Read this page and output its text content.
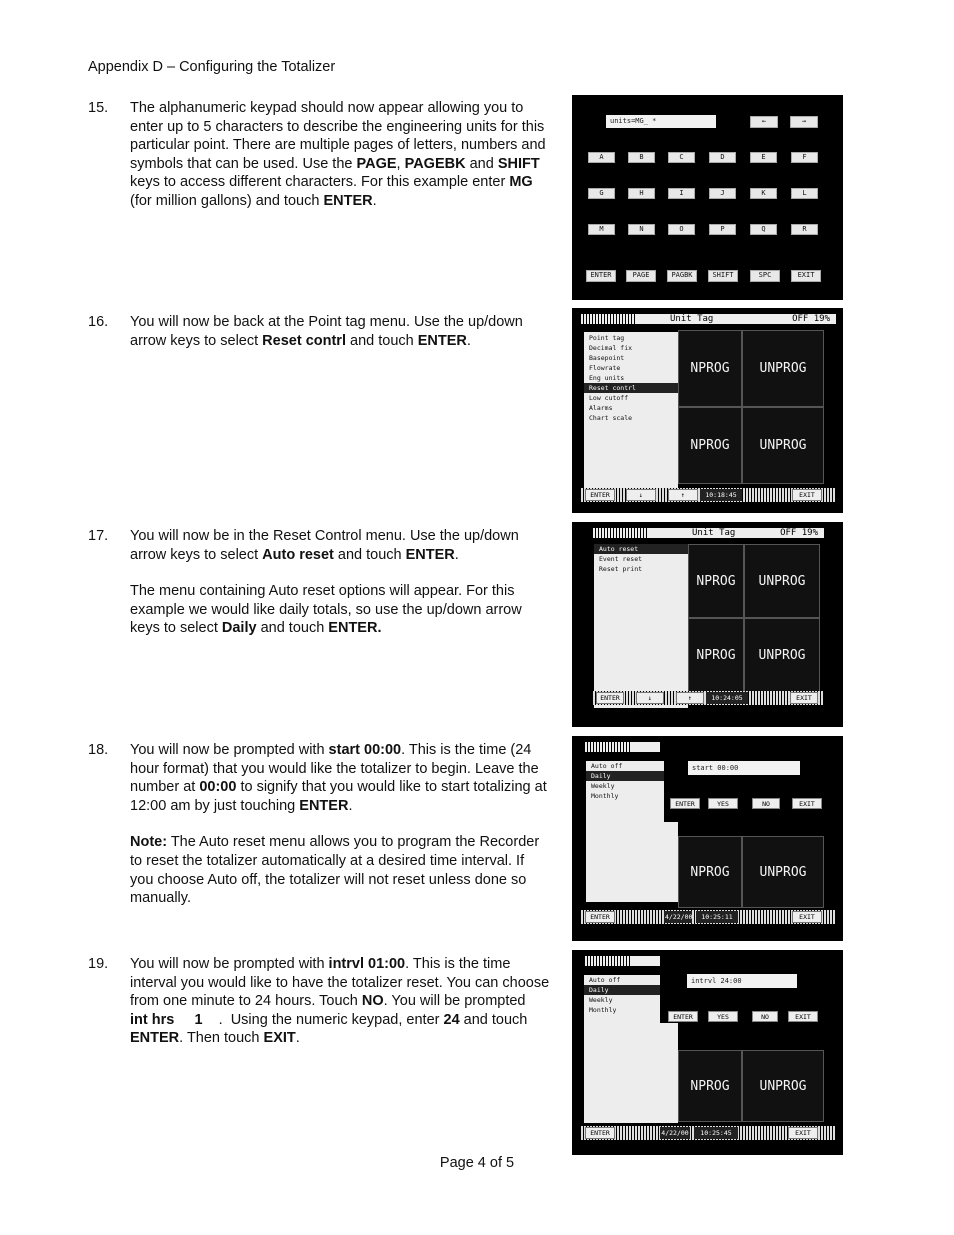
Appendix D – Configuring the Totalizer
15. The alphanumeric keypad should now appear allowing you to enter up to 5 characters to describe the engineering units for this particular point. There are multiple pages of letters, numbers and symbols that can be used. Use the PAGE, PAGEBK and SHIFT keys to access different characters. For this example enter MG (for million gallons) and touch ENTER.

16. You will now be back at the Point tag menu. Use the up/down arrow keys to select Reset contrl and touch ENTER.

17. You will now be in the Reset Control menu. Use the up/down arrow keys to select Auto reset and touch ENTER.

The menu containing Auto reset options will appear. For this example we would like daily totals, so use the up/down arrow keys to select Daily and touch ENTER.

18. You will now be prompted with start 00:00. This is the time (24 hour format) that you would like the totalizer to begin. Leave the number at 00:00 to signify that you would like to start totalizing at 12:00 am by just touching ENTER.

Note: The Auto reset menu allows you to program the Recorder to reset the totalizer automatically at a desired time interval. If you choose Auto off, the totalizer will not reset unless done so manually.

19. You will now be prompted with intrvl 01:00. This is the time interval you would like to have the totalizer reset. You can choose from one minute to 24 hours. Touch NO. You will be prompted int hrs     1    .  Using the numeric keypad, enter 24 and touch ENTER. Then touch EXIT.

units=MG_ *	←	→
A	B	C	D	E	F
G	H	I	J	K	L
M	N	O	P	Q	R
ENTER	PAGE	PAGBK	SHIFT	SPC	EXIT
Unit Tag	OFF 19%
Point tag
Decimal fix
Basepoint
Flowrate
Eng units
Reset contrl
Low cutoff
Alarms
Chart scale
NPROG	UNPROG
NPROG	UNPROG
ENTER	↓	↑	10:18:45	EXIT
Unit Tag	OFF 19%
Auto reset
Event reset
Reset print
NPROG	UNPROG
NPROG	UNPROG
ENTER	↓	↑	10:24:05	EXIT
Auto off
Daily
Weekly
Monthly
start 00:00
ENTER	YES	NO	EXIT
NPROG	UNPROG
ENTER	4/22/00	10:25:11	EXIT
Auto off
Daily
Weekly
Monthly
intrvl 24:00
ENTER	YES	NO	EXIT
NPROG	UNPROG
ENTER	4/22/00	10:25:45	EXIT
Page 4 of 5
